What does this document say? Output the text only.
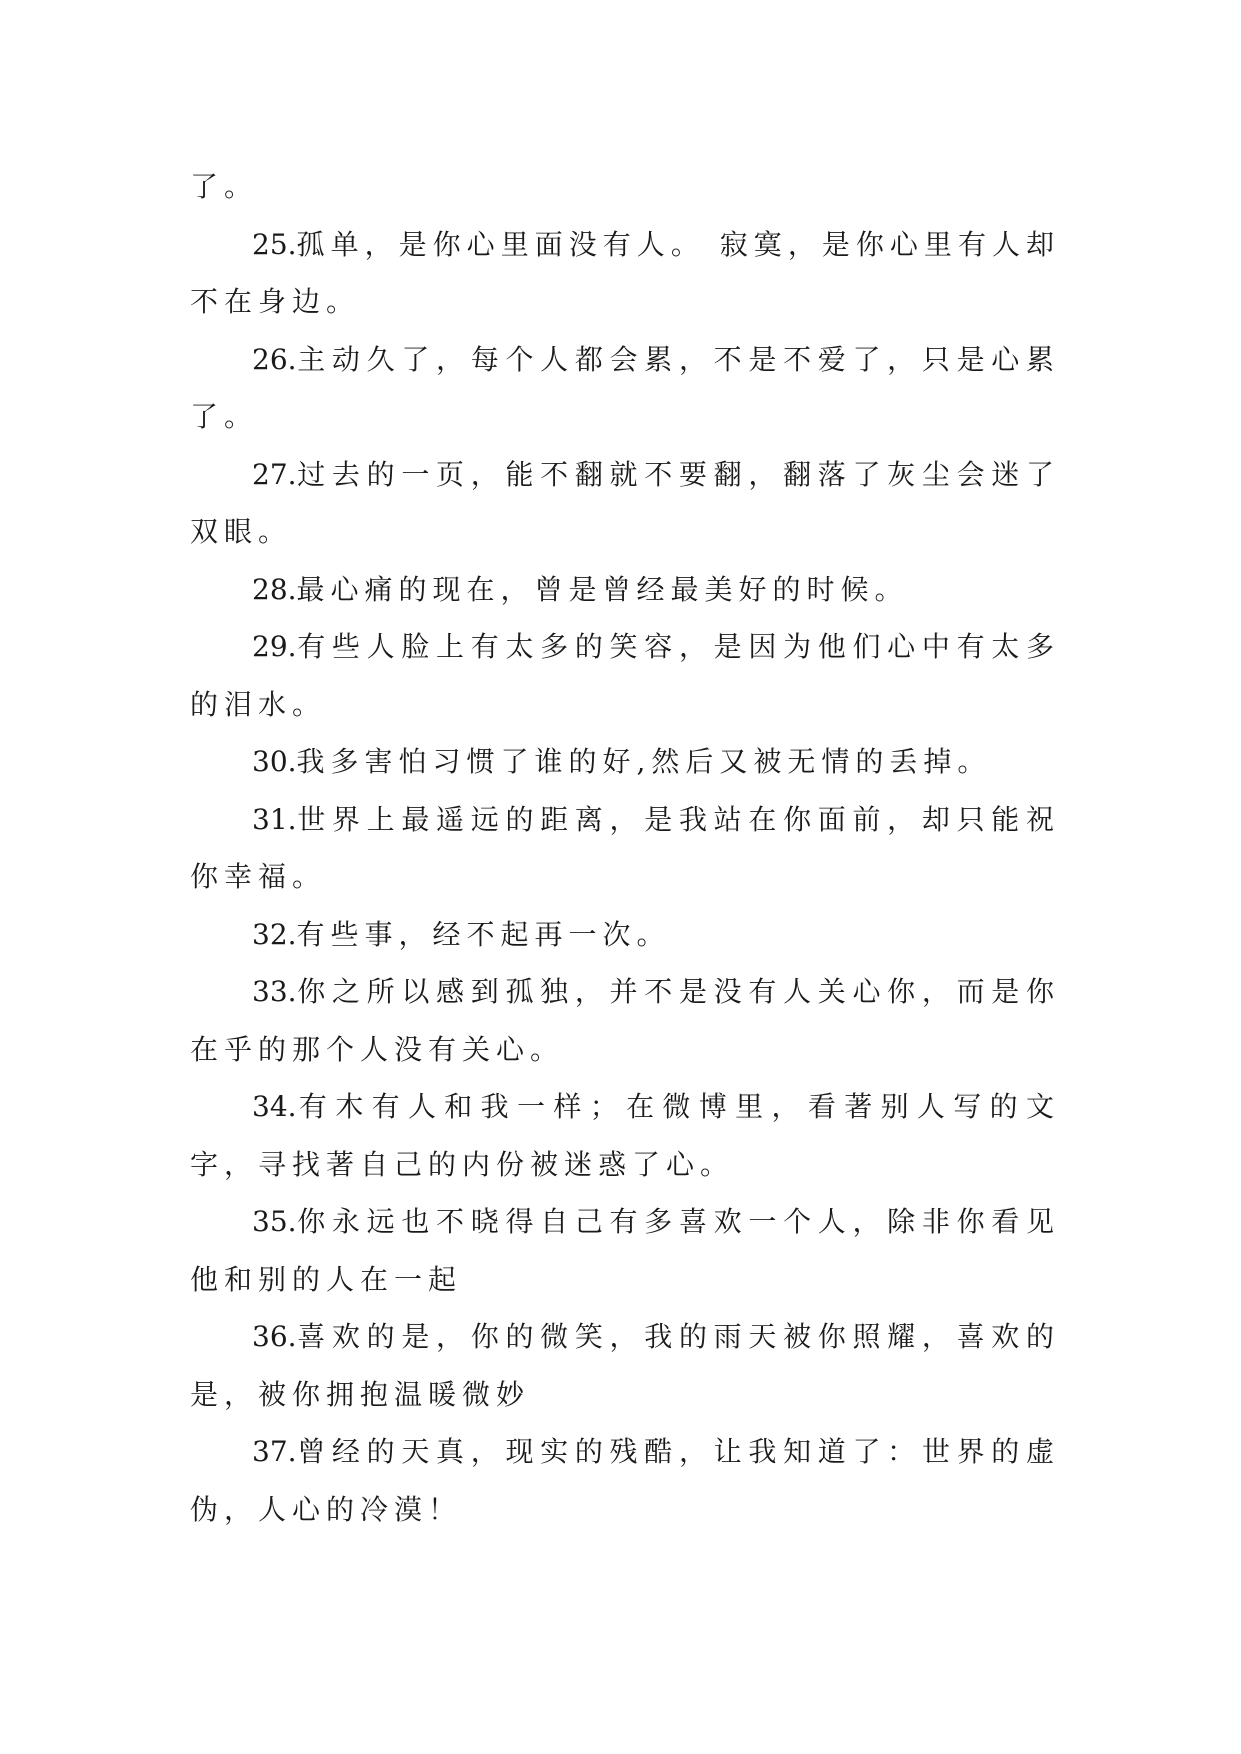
了。

25.孤单，是你心里面没有人。 寂寞，是你心里有人却不在身边。

26.主动久了，每个人都会累，不是不爱了，只是心累了。

27.过去的一页，能不翻就不要翻，翻落了灰尘会迷了双眼。

28.最心痛的现在，曾是曾经最美好的时候。

29.有些人脸上有太多的笑容，是因为他们心中有太多的泪水。

30.我多害怕习惯了谁的好,然后又被无情的丢掉。

31.世界上最遥远的距离，是我站在你面前，却只能祝你幸福。

32.有些事，经不起再一次。

33.你之所以感到孤独，并不是没有人关心你，而是你在乎的那个人没有关心。

34.有木有人和我一样；在微博里，看著别人写的文字，寻找著自己的内份被迷惑了心。

35.你永远也不晓得自己有多喜欢一个人，除非你看见他和别的人在一起

36.喜欢的是，你的微笑，我的雨天被你照耀，喜欢的是，被你拥抱温暖微妙

37.曾经的天真，现实的残酷，让我知道了：世界的虚伪，人心的冷漠！
